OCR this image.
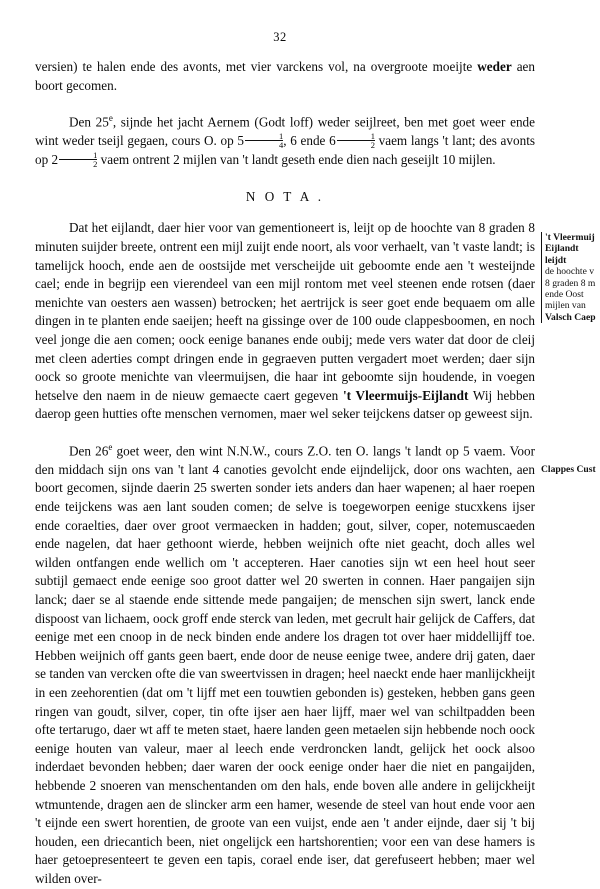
32

versien) te halen ende des avonts, met vier varckens vol, na overgroote moeijte weder aen boort gecomen.

Den 25e, sijnde het jacht Aernem (Godt loff) weder seijlreet, ben met goet weer ende wint weder tseijl gegaen, cours O. op $5 \frac{1}{4}$ , 6 ende $6 \frac{1}{2}$ vaem langs 't lant; des avonts op $2 \frac{1}{2}$ vaem ontrent 2 mijlen van 't landt geseth ende dien nach geseijlt 10 mijlen.

N O T A .

Dat het eijlandt, daer hier voor van gementioneert is, leijt op de hoochte van 8 graden 8 minuten suijder breete, ontrent een mijl zuijt ende noort, als voor verhaelt, van 't vaste landt; is tamelijck hooch, ende aen de oostsijde met verscheijde uit geboomte ende aen 't westeijnde cael; ende in begrijp een vierendeel van een mijl rontom met veel steenen ende rotsen (daer menichte van oesters aen wassen) betrocken; het aertrijck is seer goet ende bequaem om alle dingen in te planten ende saeijen; heeft na gissinge over de 100 oude clappesboomen, en noch veel jonge die aen comen; oock eenige bananes ende oubij; mede vers water dat door de cleij met cleen aderties compt dringen ende in gegraeven putten vergadert moet werden; daer sijn oock so groote menichte van vleermuijsen, die haar int geboomte sijn houdende, in voegen hetselve den naem in de nieuw gemaecte caert gegeven 't Vleermuijs-Eijlandt Wij hebben daerop geen hutties ofte menschen vernomen, maer wel seker teijckens datser op geweest sijn.

Den 26e goet weer, den wint N.N.W., cours Z.O. ten O. langs 't landt op 5 vaem. Voor den middach sijn ons van 't lant 4 canoties gevolcht ende eijndelijck, door ons wachten, aen boort gecomen, sijnde daerin 25 swerten sonder iets anders dan haer wapenen; al haer roepen ende teijckens was aen lant souden comen; de selve is toegeworpen eenige stucxkens ijser ende coraelties, daer over groot vermaecken in hadden; gout, silver, coper, notemuscaeden ende nagelen, dat haer gethoont wierde, hebben weijnich ofte niet geacht, doch alles wel wilden ontfangen ende wellich om 't accepteren. Haer canoties sijn wt een heel hout seer subtijl gemaect ende eenige soo groot datter wel 20 swerten in connen. Haer pangaijen sijn lanck; daer se al staende ende sittende mede pangaijen; de menschen sijn swert, lanck ende dispoost van lichaem, oock groff ende sterck van leden, met gecrult hair gelijck de Caffers, dat eenige met een cnoop in de neck binden ende andere los dragen tot over haer middellijff toe. Hebben weijnich off gants geen baert, ende door de neuse eenige twee, andere drij gaten, daer se tanden van vercken ofte die van sweertvissen in dragen; heel naeckt ende haer manlijckheijt in een zeehorentien (dat om 't lijff met een touwtien gebonden is) gesteken, hebben gans geen ringen van goudt, silver, coper, tin ofte ijser aen haer lijff, maer wel van schiltpadden been ofte tertarugo, daer wt aff te meten staet, haere landen geen metaelen sijn hebbende noch oock eenige houten van valeur, maer al leech ende verdroncken landt, gelijck het oock alsoo inderdaet bevonden hebben; daer waren der oock eenige onder haer die niet en pangaijden, hebbende 2 snoeren van menschentanden om den hals, ende boven alle andere in gelijckheijt wtmuntende, dragen aen de slincker arm een hamer, wesende de steel van hout ende voor aen 't eijnde een swert horentien, de groote van een vuijst, ende aen 't ander eijnde, daer sij 't bij houden, een driecantich been, niet ongelijck een hartshorentien; voor een van dese hamers is haer getoepresenteert te geven een tapis, corael ende iser, dat gerefuseert hebben; maer wel wilden over-

't Vleermuij
Eijlandt leijdt
de hoochte v
8 graden 8 m
ende Oost
mijlen van
Valsch Caep
Clappes Cust
